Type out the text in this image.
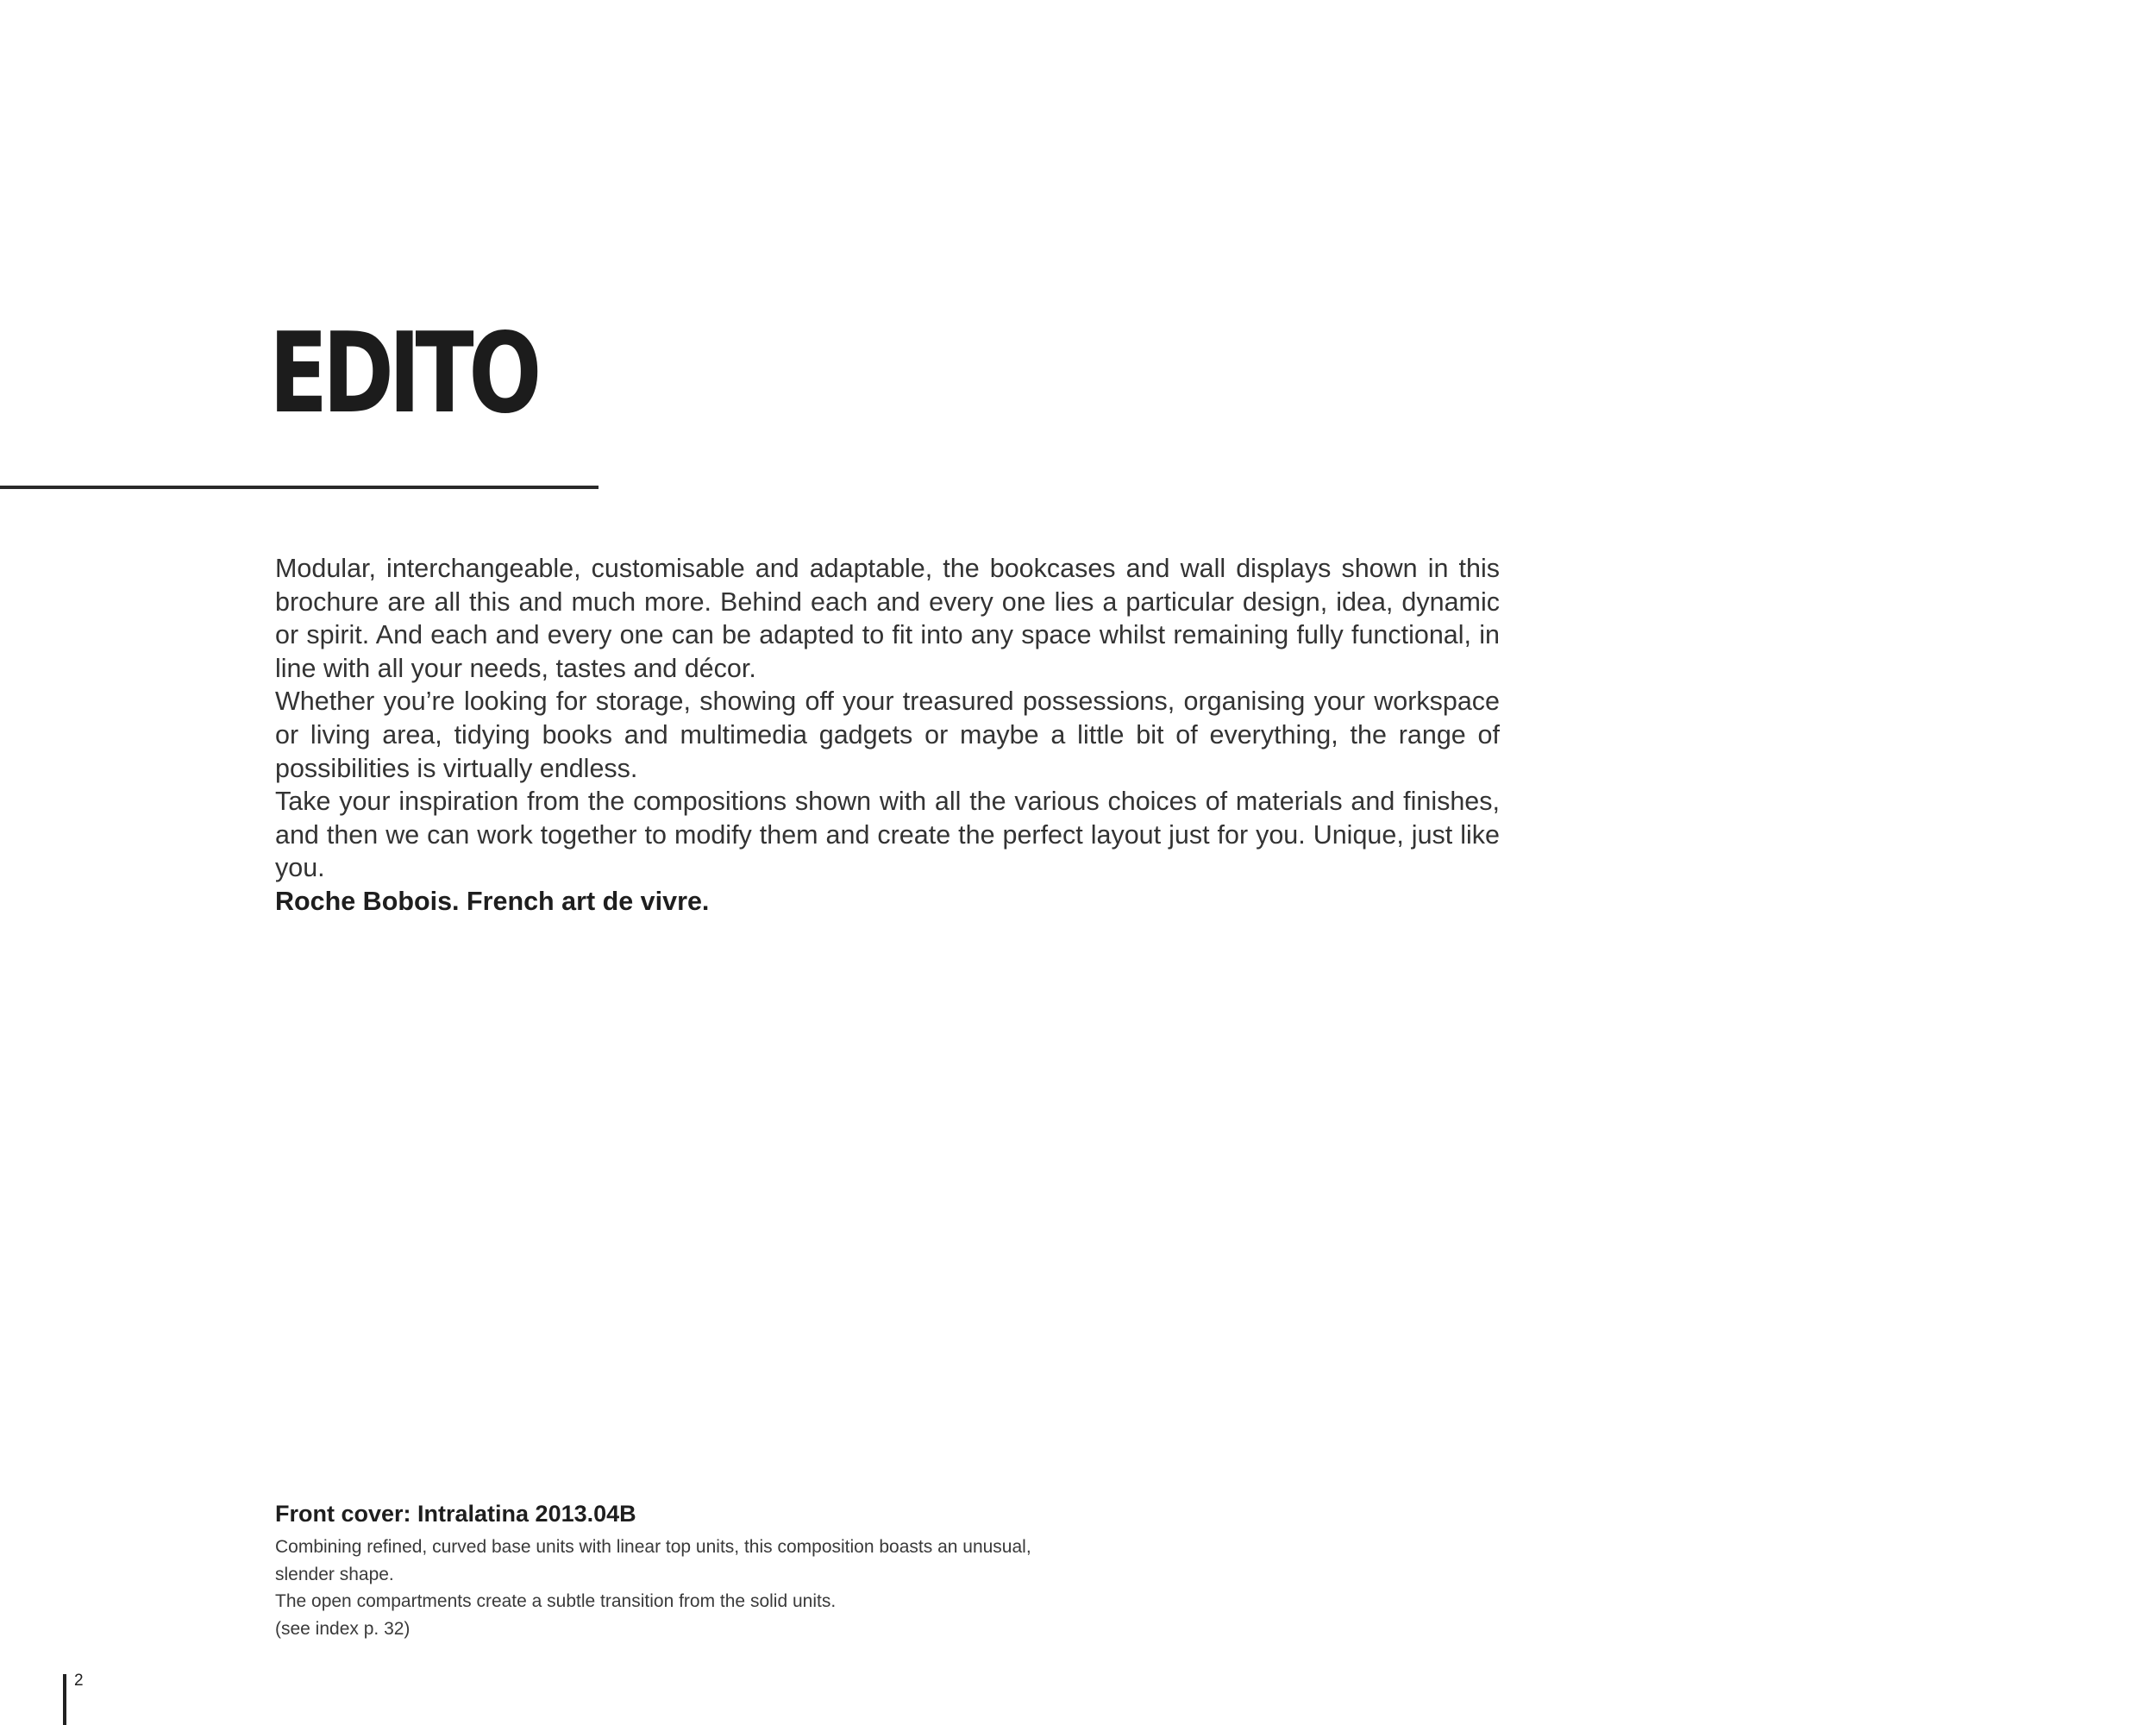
EDITO

Modular, interchangeable, customisable and adaptable, the bookcases and wall displays shown in this brochure are all this and much more. Behind each and every one lies a particular design, idea, dynamic or spirit. And each and every one can be adapted to fit into any space whilst remaining fully functional, in line with all your needs, tastes and décor.

Whether you’re looking for storage, showing off your treasured possessions, organising your workspace or living area, tidying books and multimedia gadgets or maybe a little bit of everything, the range of possibilities is virtually endless.

Take your inspiration from the compositions shown with all the various choices of materials and finishes, and then we can work together to modify them and create the perfect layout just for you. Unique, just like you.

Roche Bobois. French art de vivre.

Front cover: Intralatina 2013.04B

Combining refined, curved base units with linear top units, this composition boasts an unusual,

slender shape.

The open compartments create a subtle transition from the solid units.

(see index p. 32)

2
